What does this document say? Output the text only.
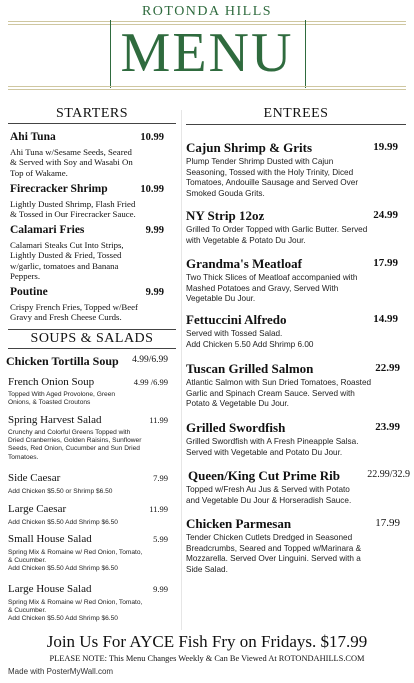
ROTONDA HILLS
MENU
STARTERS
Ahi Tuna	10.99
Ahi Tuna w/Sesame Seeds, Seared
& Served with Soy and Wasabi On
Top of Wakame.
Firecracker Shrimp	10.99
Lightly Dusted Shrimp, Flash Fried
& Tossed in Our Firecracker Sauce.
Calamari Fries	9.99
Calamari Steaks Cut Into Strips,
Lightly Dusted & Fried, Tossed
w/garlic, tomatoes and Banana
Peppers.
Poutine	9.99
Crispy French Fries, Topped w/Beef
Gravy and Fresh Cheese Curds.
SOUPS & SALADS
Chicken Tortilla Soup	4.99/6.99
French Onion Soup	4.99 /6.99
Topped With Aged Provolone, Green
Onions, & Toasted Croutons
Spring Harvest Salad	11.99
Crunchy and Colorful Greens Topped with
Dried Cranberries, Golden Raisins, Sunflower
Seeds, Red Onion, Cucumber and Sun Dried
Tomatoes.
Side Caesar	7.99
Add Chicken $5.50 or Shrimp $6.50
Large Caesar	11.99
Add Chicken $5.50 Add Shrimp $6.50
Small House Salad	5.99
Spring Mix & Romaine w/ Red Onion, Tomato,
& Cucumber.
Add Chicken $5.50 Add Shrimp $6.50
Large House Salad	9.99
Spring Mix & Romaine w/ Red Onion, Tomato,
& Cucumber.
Add Chicken $5.50 Add Shrimp $6.50
ENTREES
Cajun Shrimp & Grits	19.99
Plump Tender Shrimp Dusted with Cajun
Seasoning, Tossed with the Holy Trinity, Diced
Tomatoes, Andouille Sausage and Served Over
Smoked Gouda Grits.
NY Strip 12oz	24.99
Grilled To Order Topped with Garlic Butter. Served
with Vegetable & Potato Du Jour.
Grandma's Meatloaf	17.99
Two Thick Slices of Meatloaf accompanied with
Mashed Potatoes and Gravy, Served With
Vegetable Du Jour.
Fettuccini Alfredo	14.99
Served with Tossed Salad.
Add Chicken 5.50 Add Shrimp 6.00
Tuscan Grilled Salmon	22.99
Atlantic Salmon with Sun Dried Tomatoes, Roasted
Garlic and Spinach Cream Sauce. Served with
Potato & Vegetable Du Jour.
Grilled Swordfish	23.99
Grilled Swordfish with A Fresh Pineapple Salsa.
Served with Vegetable and Potato Du Jour.
Queen/King Cut Prime Rib	22.99/32.9
Topped w/Fresh Au Jus & Served with Potato
and Vegetable Du Jour & Horseradish Sauce.
Chicken Parmesan	17.99
Tender Chicken Cutlets Dredged in Seasoned
Breadcrumbs, Seared and Topped w/Marinara &
Mozzarella. Served Over Linguini. Served with a
Side Salad.
Join Us For AYCE Fish Fry on Fridays. $17.99
PLEASE NOTE: This Menu Changes Weekly & Can Be Viewed At ROTONDAHILLS.COM
Made with PosterMyWall.com
